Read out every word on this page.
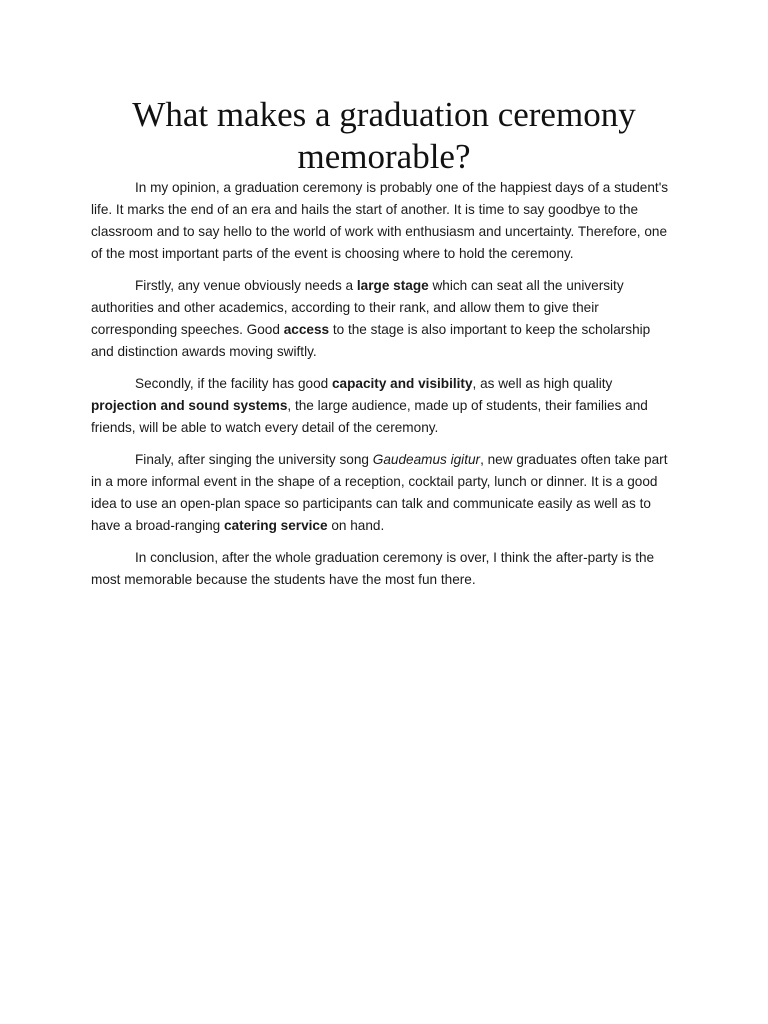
What makes a graduation ceremony
memorable?

In my opinion, a graduation ceremony is probably one of the happiest days of a student's life. It marks the end of an era and hails the start of another. It is time to say goodbye to the classroom and to say hello to the world of work with enthusiasm and uncertainty. Therefore, one of the most important parts of the event is choosing where to hold the ceremony.

Firstly, any venue obviously needs a large stage which can seat all the university authorities and other academics, according to their rank, and allow them to give their corresponding speeches. Good access to the stage is also important to keep the scholarship and distinction awards moving swiftly.

Secondly, if the facility has good capacity and visibility, as well as high quality projection and sound systems, the large audience, made up of students, their families and friends, will be able to watch every detail of the ceremony.

Finaly, after singing the university song Gaudeamus igitur, new graduates often take part in a more informal event in the shape of a reception, cocktail party, lunch or dinner. It is a good idea to use an open-plan space so participants can talk and communicate easily as well as to have a broad-ranging catering service on hand.

In conclusion, after the whole graduation ceremony is over, I think the after-party is the most memorable because the students have the most fun there.
